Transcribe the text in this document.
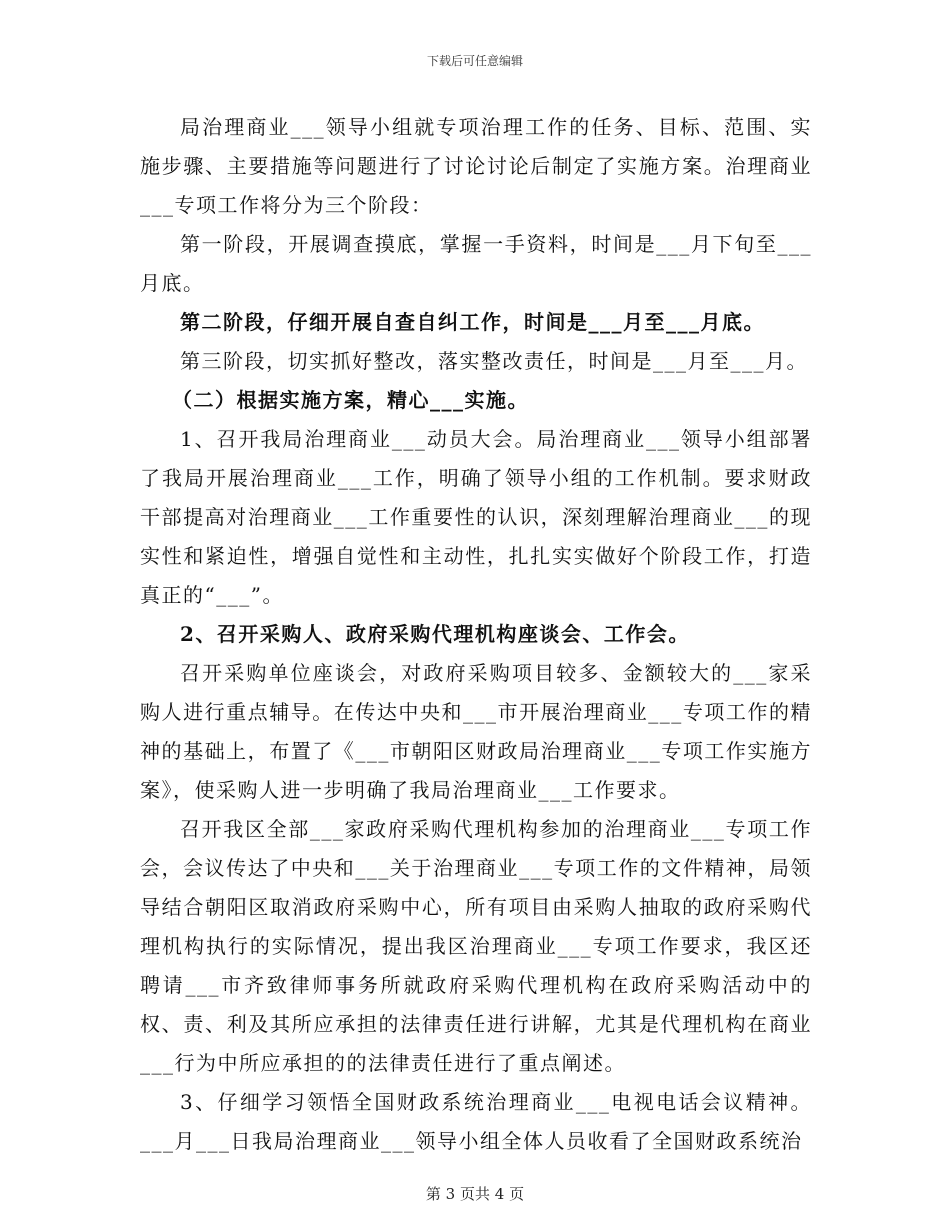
下载后可任意编辑

局治理商业___领导小组就专项治理工作的任务、目标、范围、实施步骤、主要措施等问题进行了讨论讨论后制定了实施方案。治理商业___专项工作将分为三个阶段：

第一阶段，开展调查摸底，掌握一手资料，时间是___月下旬至___月底。

第二阶段，仔细开展自查自纠工作，时间是___月至___月底。

第三阶段，切实抓好整改，落实整改责任，时间是___月至___月。

（二）根据实施方案，精心___实施。

1、召开我局治理商业___动员大会。局治理商业___领导小组部署了我局开展治理商业___工作，明确了领导小组的工作机制。要求财政干部提高对治理商业___工作重要性的认识，深刻理解治理商业___的现实性和紧迫性，增强自觉性和主动性，扎扎实实做好个阶段工作，打造真正的“___”。

2、召开采购人、政府采购代理机构座谈会、工作会。

召开采购单位座谈会，对政府采购项目较多、金额较大的___家采购人进行重点辅导。在传达中央和___市开展治理商业___专项工作的精神的基础上，布置了《___市朝阳区财政局治理商业___专项工作实施方案》，使采购人进一步明确了我局治理商业___工作要求。

召开我区全部___家政府采购代理机构参加的治理商业___专项工作会，会议传达了中央和___关于治理商业___专项工作的文件精神，局领导结合朝阳区取消政府采购中心，所有项目由采购人抽取的政府采购代理机构执行的实际情况，提出我区治理商业___专项工作要求，我区还聘请___市齐致律师事务所就政府采购代理机构在政府采购活动中的权、责、利及其所应承担的法律责任进行讲解，尤其是代理机构在商业___行为中所应承担的的法律责任进行了重点阐述。

3、仔细学习领悟全国财政系统治理商业___电视电话会议精神。___月___日我局治理商业___领导小组全体人员收看了全国财政系统治

第 3 页共 4 页
